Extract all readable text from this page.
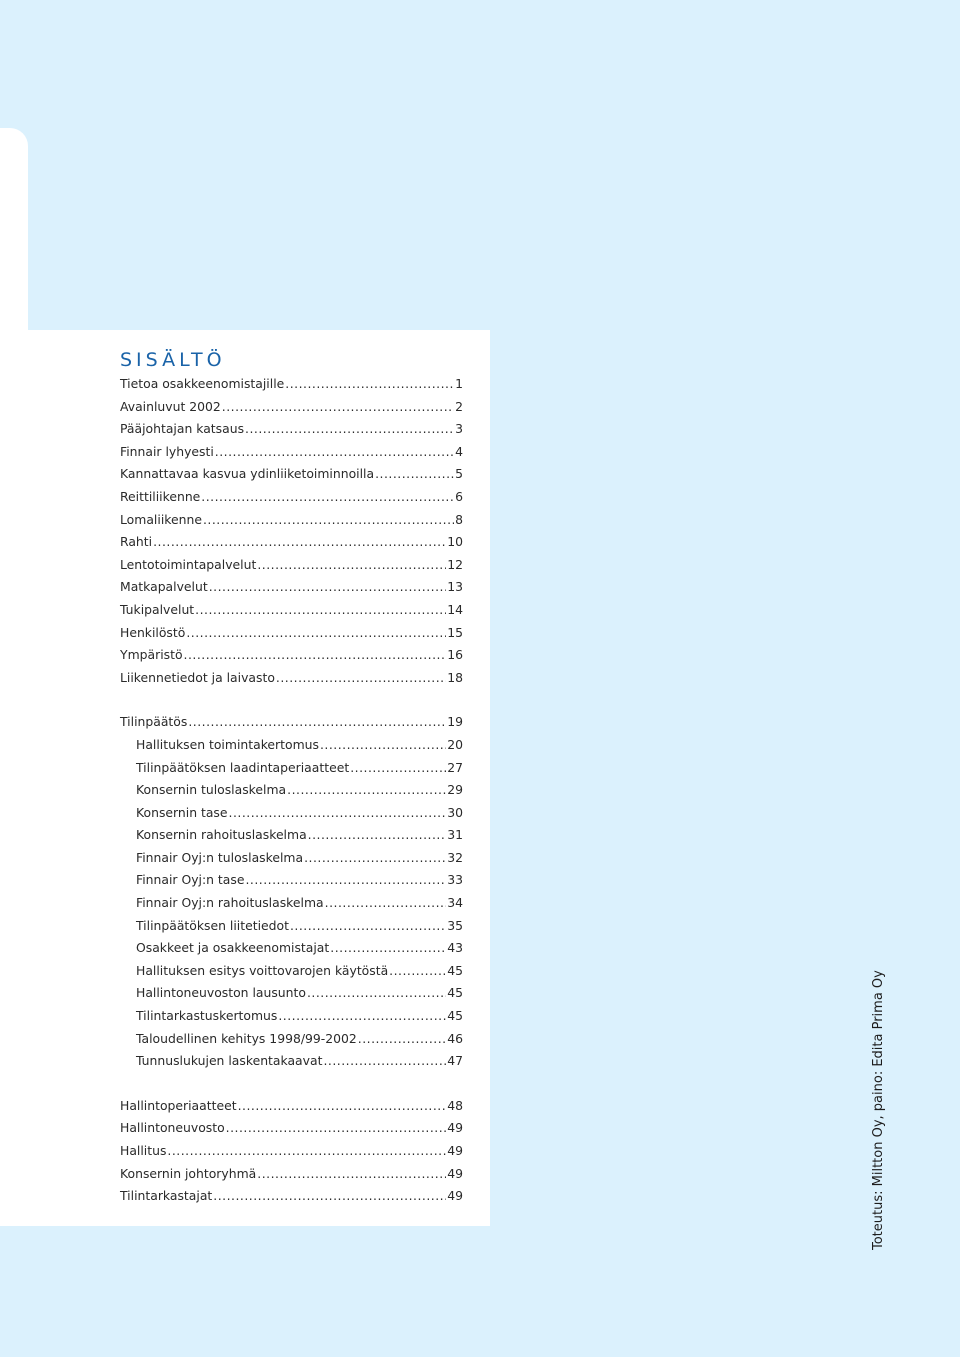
SISÄLTÖ
Tietoa osakkeenomistajille .....	1
Avainluvut 2002 .....	2
Pääjohtajan katsaus .....	3
Finnair lyhyesti .....	4
Kannattavaa kasvua ydinliiketoiminnoilla .....	5
Reittiliikenne .....	6
Lomaliikenne .....	8
Rahti .....	10
Lentotoimintapalvelut .....	12
Matkapalvelut .....	13
Tukipalvelut .....	14
Henkilöstö .....	15
Ympäristö .....	16
Liikennetiedot ja laivasto .....	18
Tilinpäätös .....	19
Hallituksen toimintakertomus .....	20
Tilinpäätöksen laadintaperiaatteet .....	27
Konsernin tuloslaskelma .....	29
Konsernin tase .....	30
Konsernin rahoituslaskelma .....	31
Finnair Oyj:n tuloslaskelma .....	32
Finnair Oyj:n tase .....	33
Finnair Oyj:n rahoituslaskelma .....	34
Tilinpäätöksen liitetiedot .....	35
Osakkeet ja osakkeenomistajat .....	43
Hallituksen esitys voittovarojen käytöstä .....	45
Hallintoneuvoston lausunto .....	45
Tilintarkastuskertomus .....	45
Taloudellinen kehitys 1998/99-2002 .....	46
Tunnuslukujen laskentakaavat .....	47
Hallintoperiaatteet .....	48
Hallintoneuvosto .....	49
Hallitus .....	49
Konsernin johtoryhmä .....	49
Tilintarkastajat .....	49	Toteutus: Miltton Oy, paino: Edita Prima Oy
